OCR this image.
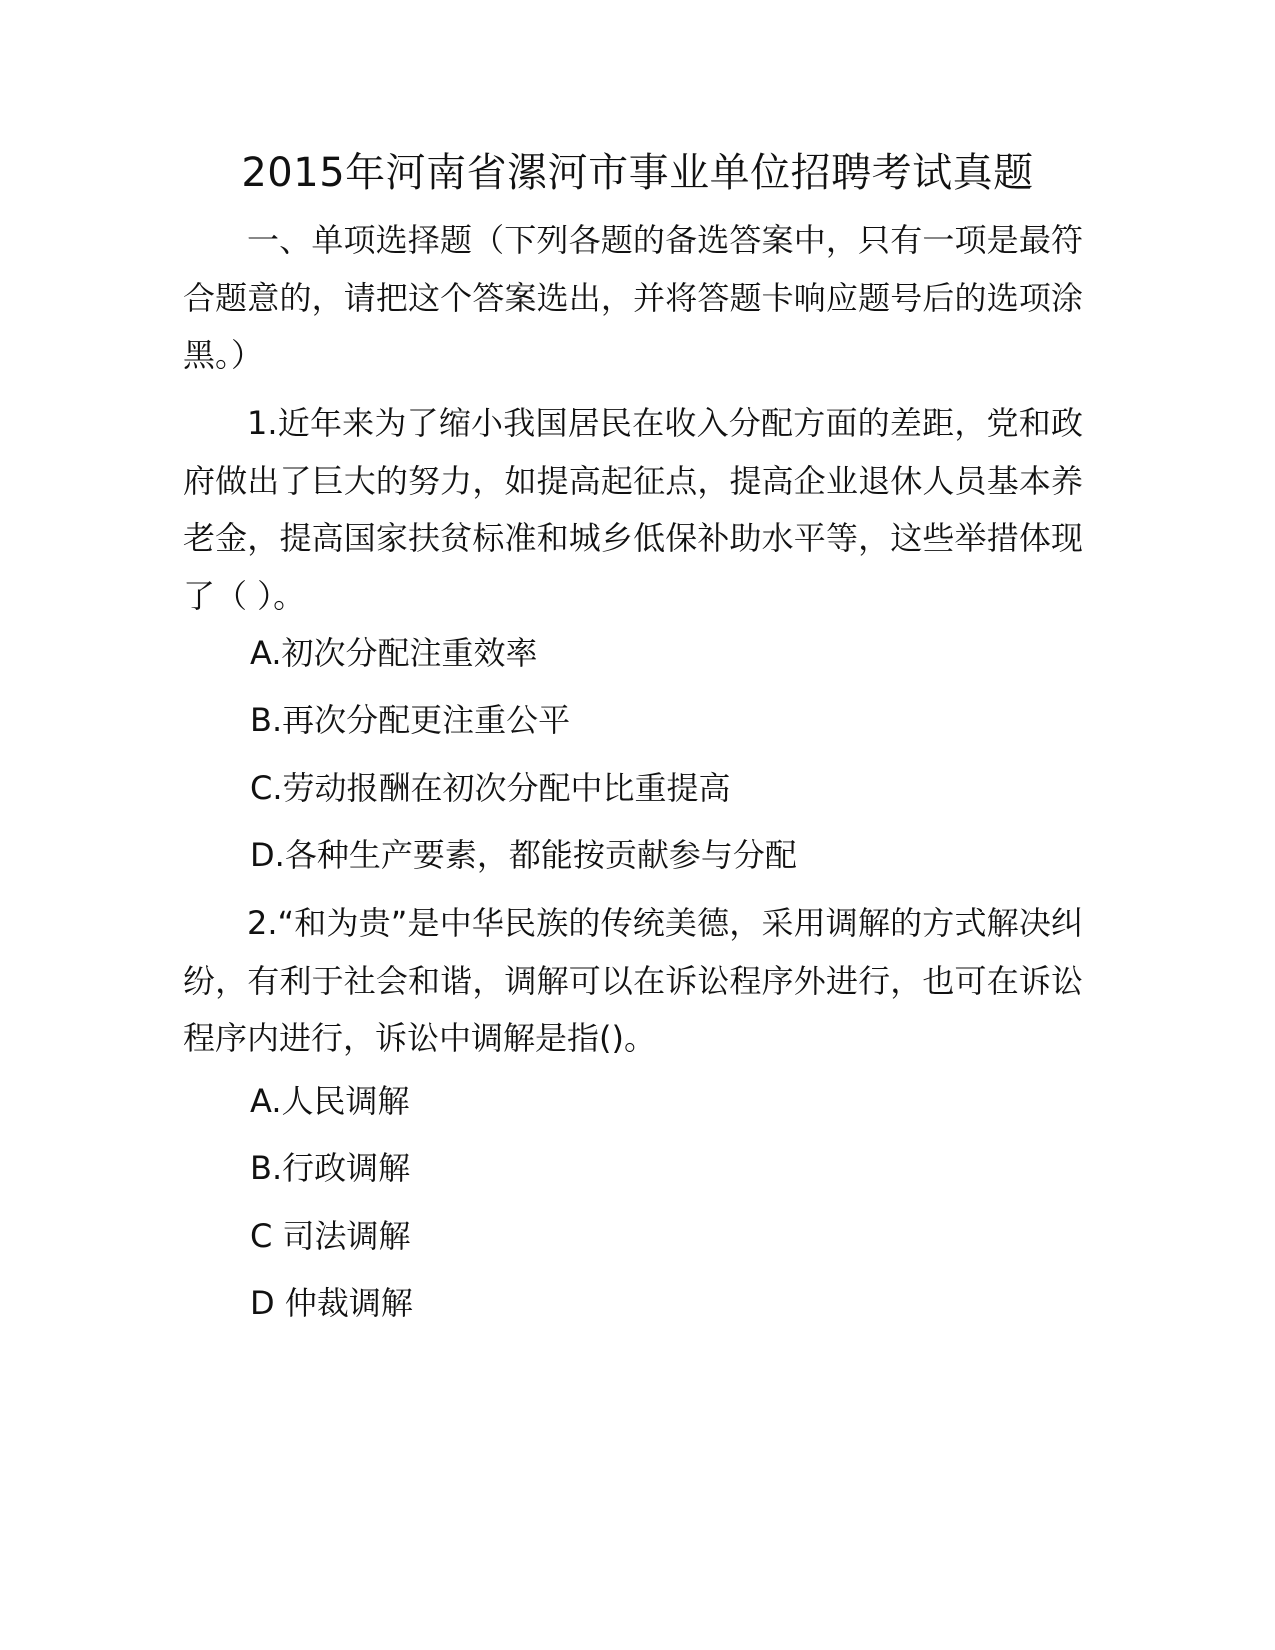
2015年河南省漯河市事业单位招聘考试真题

一、单项选择题（下列各题的备选答案中，只有一项是最符合题意的，请把这个答案选出，并将答题卡响应题号后的选项涂黑。）

1.近年来为了缩小我国居民在收入分配方面的差距，党和政府做出了巨大的努力，如提高起征点，提高企业退休人员基本养老金，提高国家扶贫标准和城乡低保补助水平等，这些举措体现了（ ）。

A.初次分配注重效率

B.再次分配更注重公平

C.劳动报酬在初次分配中比重提高

D.各种生产要素，都能按贡献参与分配

2.“和为贵”是中华民族的传统美德，采用调解的方式解决纠纷，有利于社会和谐，调解可以在诉讼程序外进行，也可在诉讼程序内进行，诉讼中调解是指()。

A.人民调解

B.行政调解

C 司法调解

D 仲裁调解
